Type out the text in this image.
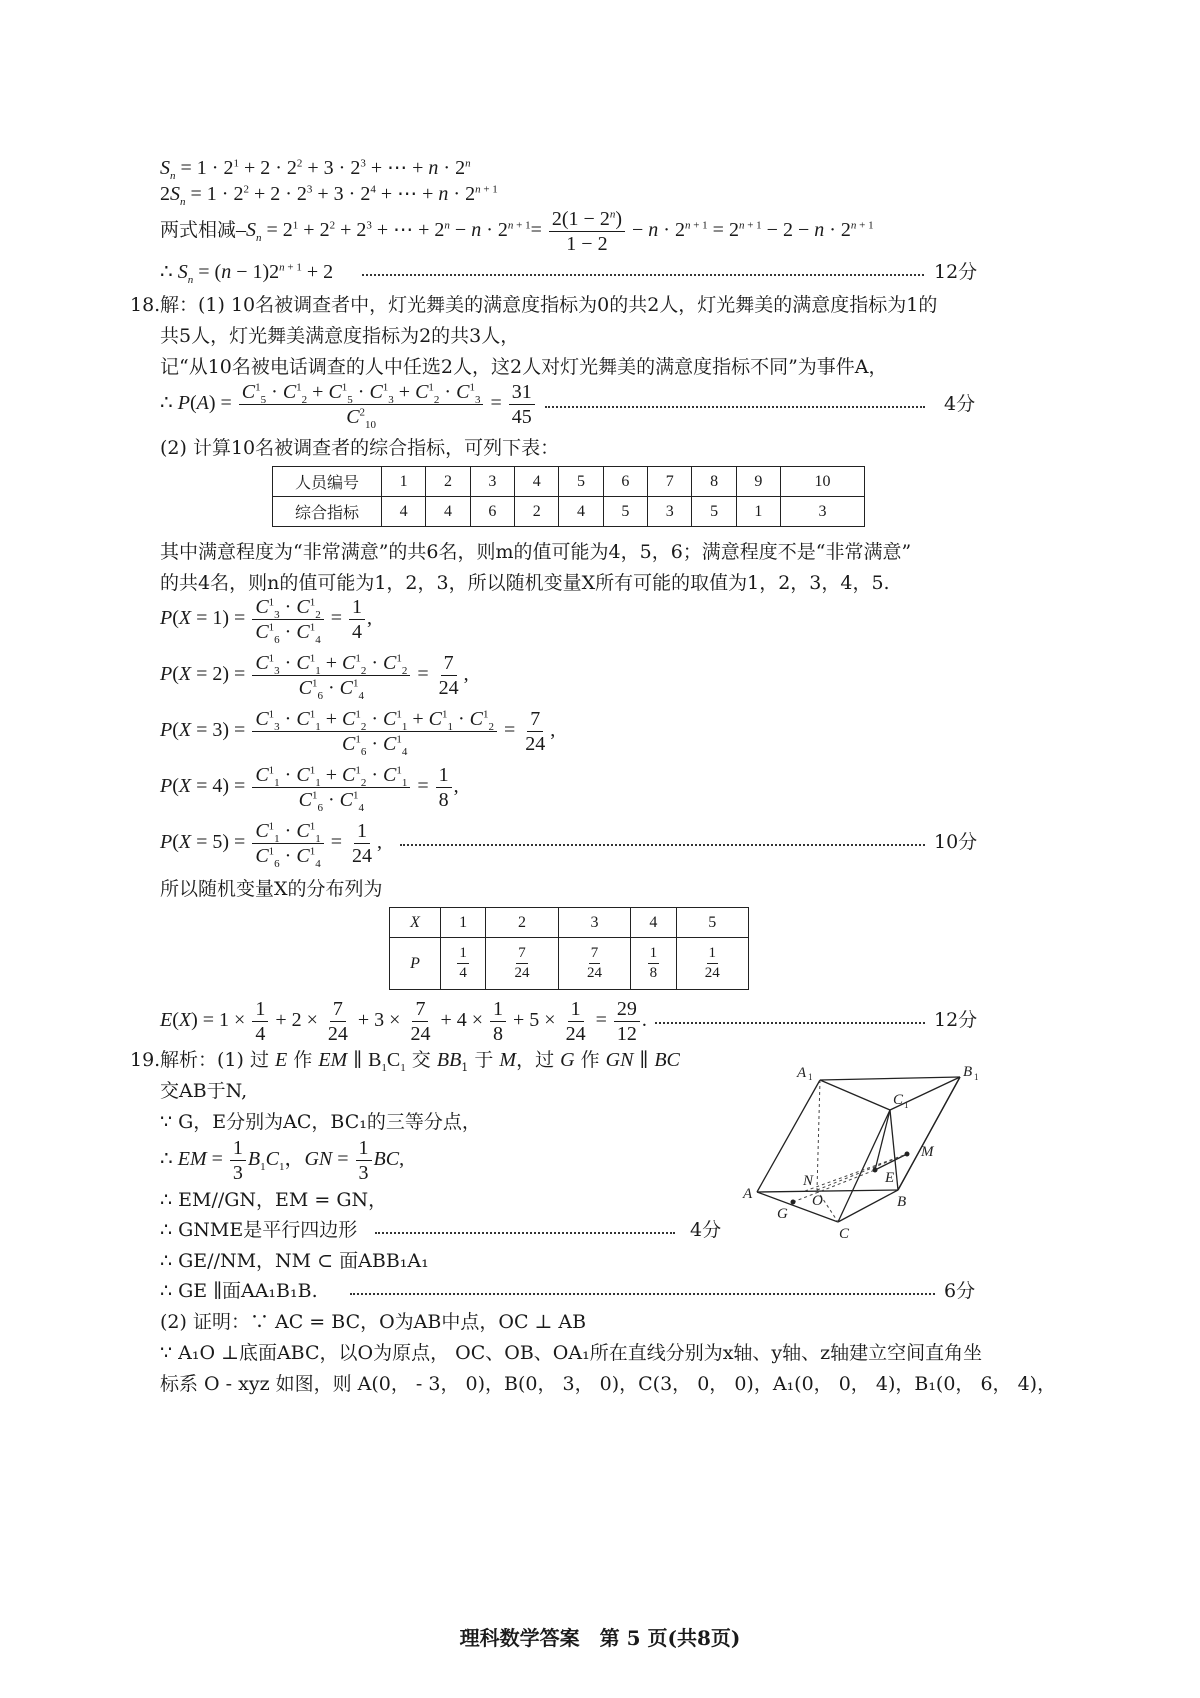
$S_n = 1 \cdot 2^1 + 2 \cdot 2^2 + 3 \cdot 2^3$ + ⋯ + $n \cdot 2^n$
$2S_n = 1 \cdot 2^2 + 2 \cdot 2^3 + 3 \cdot 2^4$ + ⋯ + $n \cdot 2^{n + 1}$
两式相减$-S_n = 2^1 + 2^2 + 2^3$ + ⋯ + $2^n - n \cdot 2^{n + 1}= \frac{2(1 - 2^n)}{1 - 2} - n \cdot 2^{n + 1} = 2^{n + 1} - 2 - n \cdot 2^{n + 1}$
∴ $S_n = (n - 1)2^{n + 1} + 2$	12分
18. 解：(1) 10名被调查者中，灯光舞美的满意度指标为0的共2人，灯光舞美的满意度指标为1的
共5人，灯光舞美满意度指标为2的共3人，
记“从10名被电话调查的人中任选2人，这2人对灯光舞美的满意度指标不同”为事件A，
∴ $P(A) = \frac{C^1_5 \cdot C^1_2 + C^1_5 \cdot C^1_3 + C^1_2 \cdot C^1_3}{C^2_{10}} = \frac{31}{45}$	4分
(2) 计算10名被调查者的综合指标，可列下表：
人员编号	1	2	3	4	5	6	7	8	9	10
综合指标	4	4	6	2	4	5	3	5	1	3
其中满意程度为“非常满意”的共6名，则m的值可能为4，5，6；满意程度不是“非常满意”
的共4名，则n的值可能为1，2，3，所以随机变量X所有可能的取值为1，2，3，4，5.
$P(X = 1) = \frac{C^1_3 \cdot C^1_2}{C^1_6 \cdot C^1_4} = \frac{1}{4}$ ,
$P(X = 2) = \frac{C^1_3 \cdot C^1_1 + C^1_2 \cdot C^1_2}{C^1_6 \cdot C^1_4} = \frac{7}{24}$ ,
$P(X = 3) = \frac{C^1_3 \cdot C^1_1 + C^1_2 \cdot C^1_1 + C^1_1 \cdot C^1_2}{C^1_6 \cdot C^1_4} = \frac{7}{24}$ ,
$P(X = 4) = \frac{C^1_1 \cdot C^1_1 + C^1_2 \cdot C^1_1}{C^1_6 \cdot C^1_4} = \frac{1}{8}$ ,
$P(X = 5) = \frac{C^1_1 \cdot C^1_1}{C^1_6 \cdot C^1_4} = \frac{1}{24}$ ,	10分
所以随机变量X的分布列为
X	1	2	3	4	5
P	$\frac{1}{4}$	$\frac{7}{24}$	$\frac{7}{24}$	$\frac{1}{8}$	$\frac{1}{24}$
$E(X) = 1 \times \frac{1}{4} + 2 \times \frac{7}{24} + 3 \times \frac{7}{24} + 4 \times \frac{1}{8} + 5 \times \frac{1}{24} = \frac{29}{12}$ .	12分
19. 解析：(1) 过 E 作 EM ∥ $B_1C_1$ 交 $BB_1$ 于 M，过 G 作 GN ∥ BC
交AB于N,
∵ G，E分别为AC，BC₁的三等分点，
∴ EM = $\frac{1}{3} B_1C_1$，GN = $\frac{1}{3}$ BC,
∴ EM//GN，EM = GN，
∴ GNME是平行四边形	4分
∴ GE//NM，NM ⊂ 面ABB₁A₁
∴ GE ∥面AA₁B₁B.	6分
(2) 证明：∵ AC = BC，O为AB中点，OC ⊥ AB
∵ A₁O ⊥底面ABC，以O为原点， OC、OB、OA₁所在直线分别为x轴、y轴、z轴建立空间直角坐
标系 O - xyz 如图，则 A(0， - 3， 0)，B(0， 3， 0)，C(3， 0， 0)，A₁(0， 0， 4)，B₁(0， 6， 4)，
A 1	B 1
C 1
M
E
N
O
A
G
B
C
理科数学答案　第 5 页(共8页)
